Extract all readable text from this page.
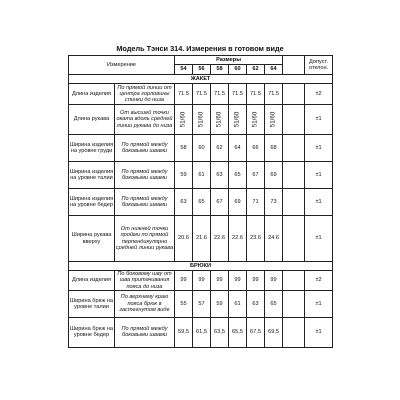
Модель Тэнси 314. Измерения в готовом виде
Измерение		Размеры							Допуст. отклон.
		54	56	58	60	62	64		
ЖАКЕТ									
Длина изделия	По прямой линии от центра горловины спинки до низа	71.5	71.5	71.5	71.5	71.5	71.5		±2
Длина рукава	От высшей точки оката вдоль средней линии рукава до низа	51/60	51/60	51/60	51/60	51/60	51/60		±1
Ширина изделия на уровне груди	По прямой между боковыми швами	58	60	62	64	66	68		±1
Ширина изделия на уровне талии	По прямой между боковыми швами	59	61	63	65	67	69		±1
Ширина изделия на уровне бедер	По прямой между боковыми швами	63	65	67	69	71	73		±1
Ширина рукава вверху	От нижней точки пройми по прямой перпендикулярно средней линии рукава	20.6	21.6	22.6	22.6	23.6	24.6		±1
БРЮКИ									
Длина изделия	По боковому шву от шва притачивания пояса до низа	99	99	99	99	99	99		±2
Ширина брюк на уровне талии	По верхнему краю пояса брюк в застегнутом виде	55	57	59	61	63	65		±1
Ширина брюк на уровне бедер	По прямой между боковыми швами	59,5	61,5	63,5	65,5	67,5	69,5		±1
